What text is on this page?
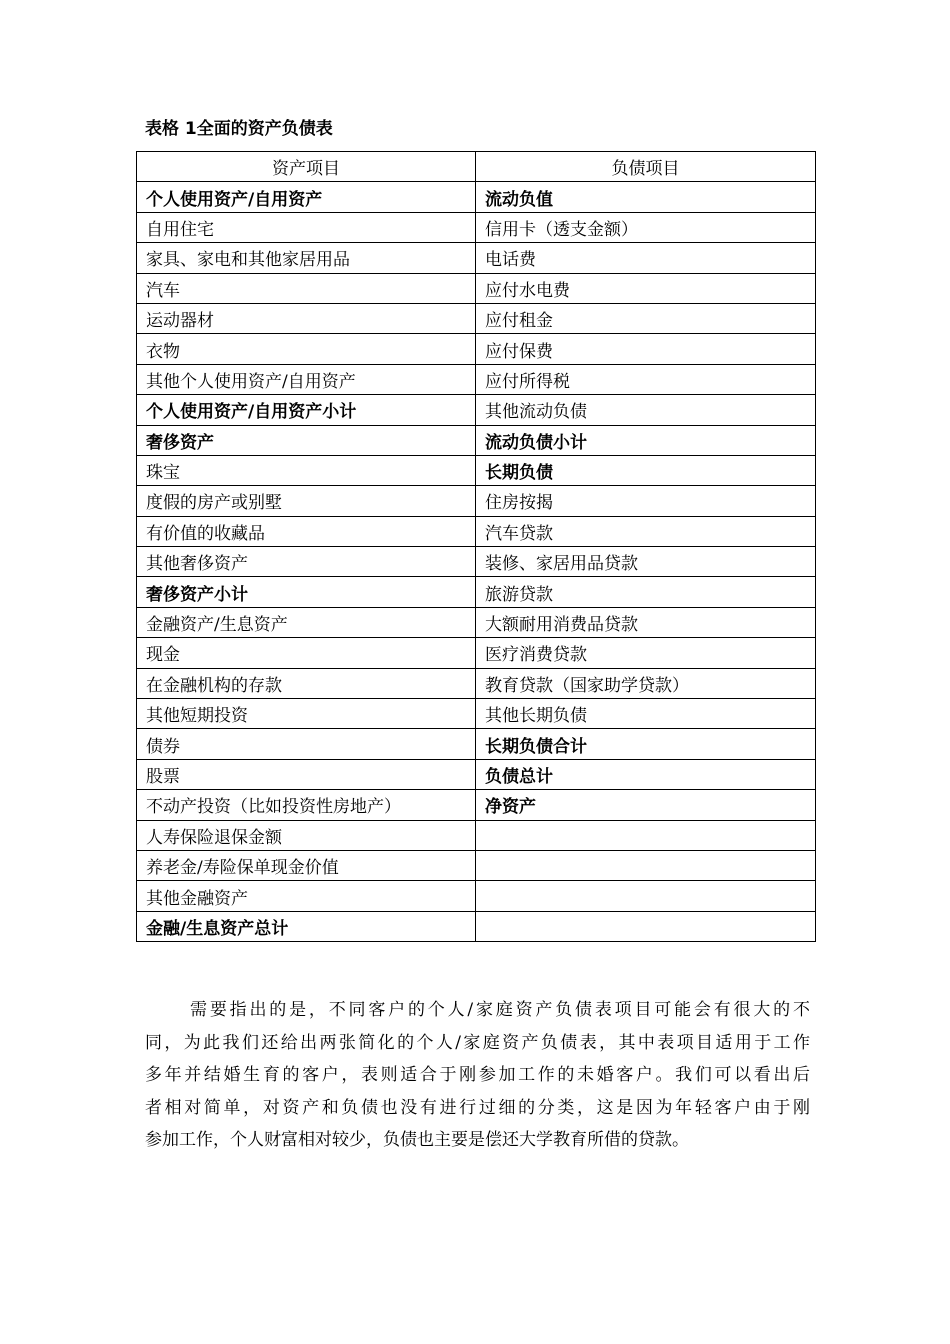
表格 1全面的资产负债表
资产项目	负债项目
个人使用资产/自用资产	流动负值
自用住宅	信用卡（透支金额）
家具、家电和其他家居用品	电话费
汽车	应付水电费
运动器材	应付租金
衣物	应付保费
其他个人使用资产/自用资产	应付所得税
个人使用资产/自用资产小计	其他流动负债
奢侈资产	流动负债小计
珠宝	长期负债
度假的房产或别墅	住房按揭
有价值的收藏品	汽车贷款
其他奢侈资产	装修、家居用品贷款
奢侈资产小计	旅游贷款
金融资产/生息资产	大额耐用消费品贷款
现金	医疗消费贷款
在金融机构的存款	教育贷款（国家助学贷款）
其他短期投资	其他长期负债
债券	长期负债合计
股票	负债总计
不动产投资（比如投资性房地产）	净资产
人寿保险退保金额	
养老金/寿险保单现金价值	
其他金融资产	
金融/生息资产总计	
需要指出的是，不同客户的个人/家庭资产负债表项目可能会有很大的不
同，为此我们还给出两张简化的个人/家庭资产负债表，其中表项目适用于工作
多年并结婚生育的客户，表则适合于刚参加工作的未婚客户。我们可以看出后
者相对简单，对资产和负债也没有进行过细的分类，这是因为年轻客户由于刚
参加工作，个人财富相对较少，负债也主要是偿还大学教育所借的贷款。
